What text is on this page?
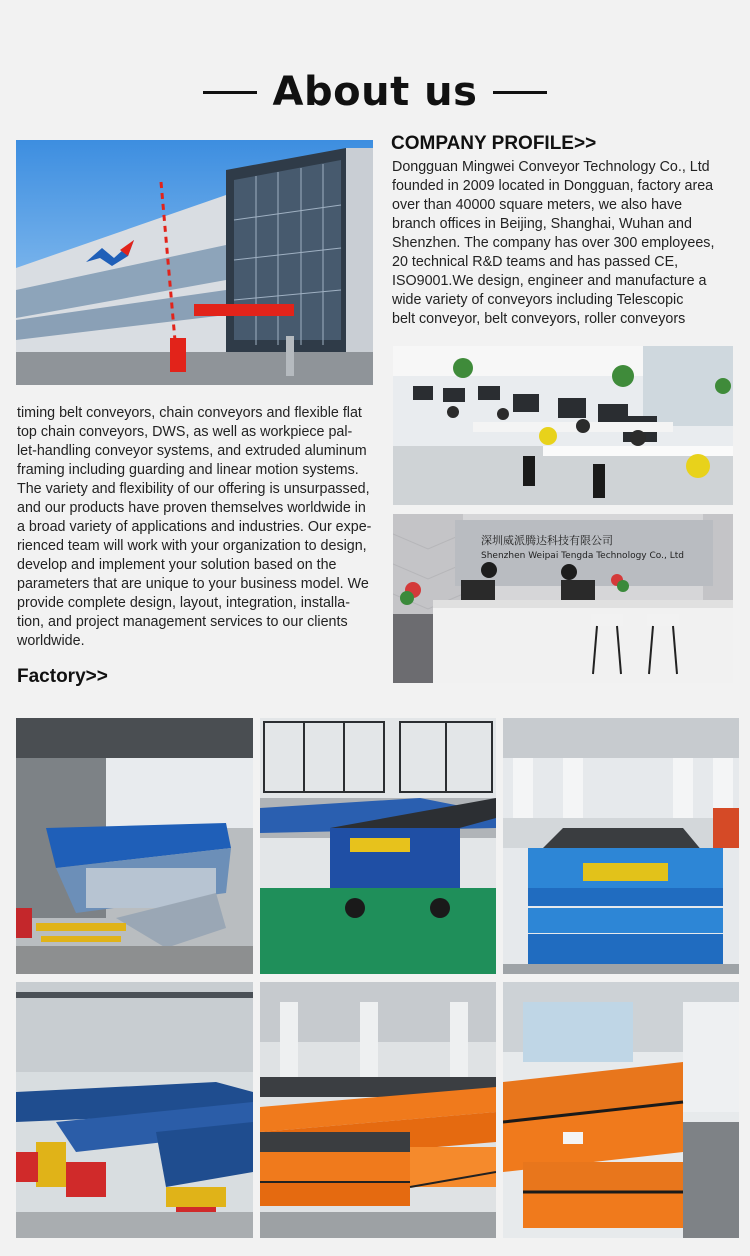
About us
COMPANY PROFILE>>

Dongguan Mingwei Conveyor Technology Co., Ltd

founded in 2009 located in Dongguan, factory area

over than 40000 square meters, we also have

branch offices in Beijing, Shanghai, Wuhan and

Shenzhen. The company has over 300 employees,

20 technical R&D teams and has passed CE,

ISO9001.We design, engineer and manufacture a

wide variety of conveyors including Telescopic

belt conveyor, belt conveyors, roller conveyors

深圳威派腾达科技有限公司
Shenzhen Weipai Tengda Technology Co., Ltd

timing belt conveyors, chain conveyors and flexible flat

top chain conveyors, DWS, as well as workpiece pal-

let-handling conveyor systems, and extruded aluminum

framing including guarding and linear motion systems.

The variety and flexibility of our offering is unsurpassed,

and our products have proven themselves worldwide in

a broad variety of applications and industries. Our expe-

rienced team will work with your organization to design,

develop and implement your solution based on the

parameters that are unique to your business model. We

provide complete design, layout, integration, installa-

tion, and project management services to our clients

worldwide.

Factory>>
